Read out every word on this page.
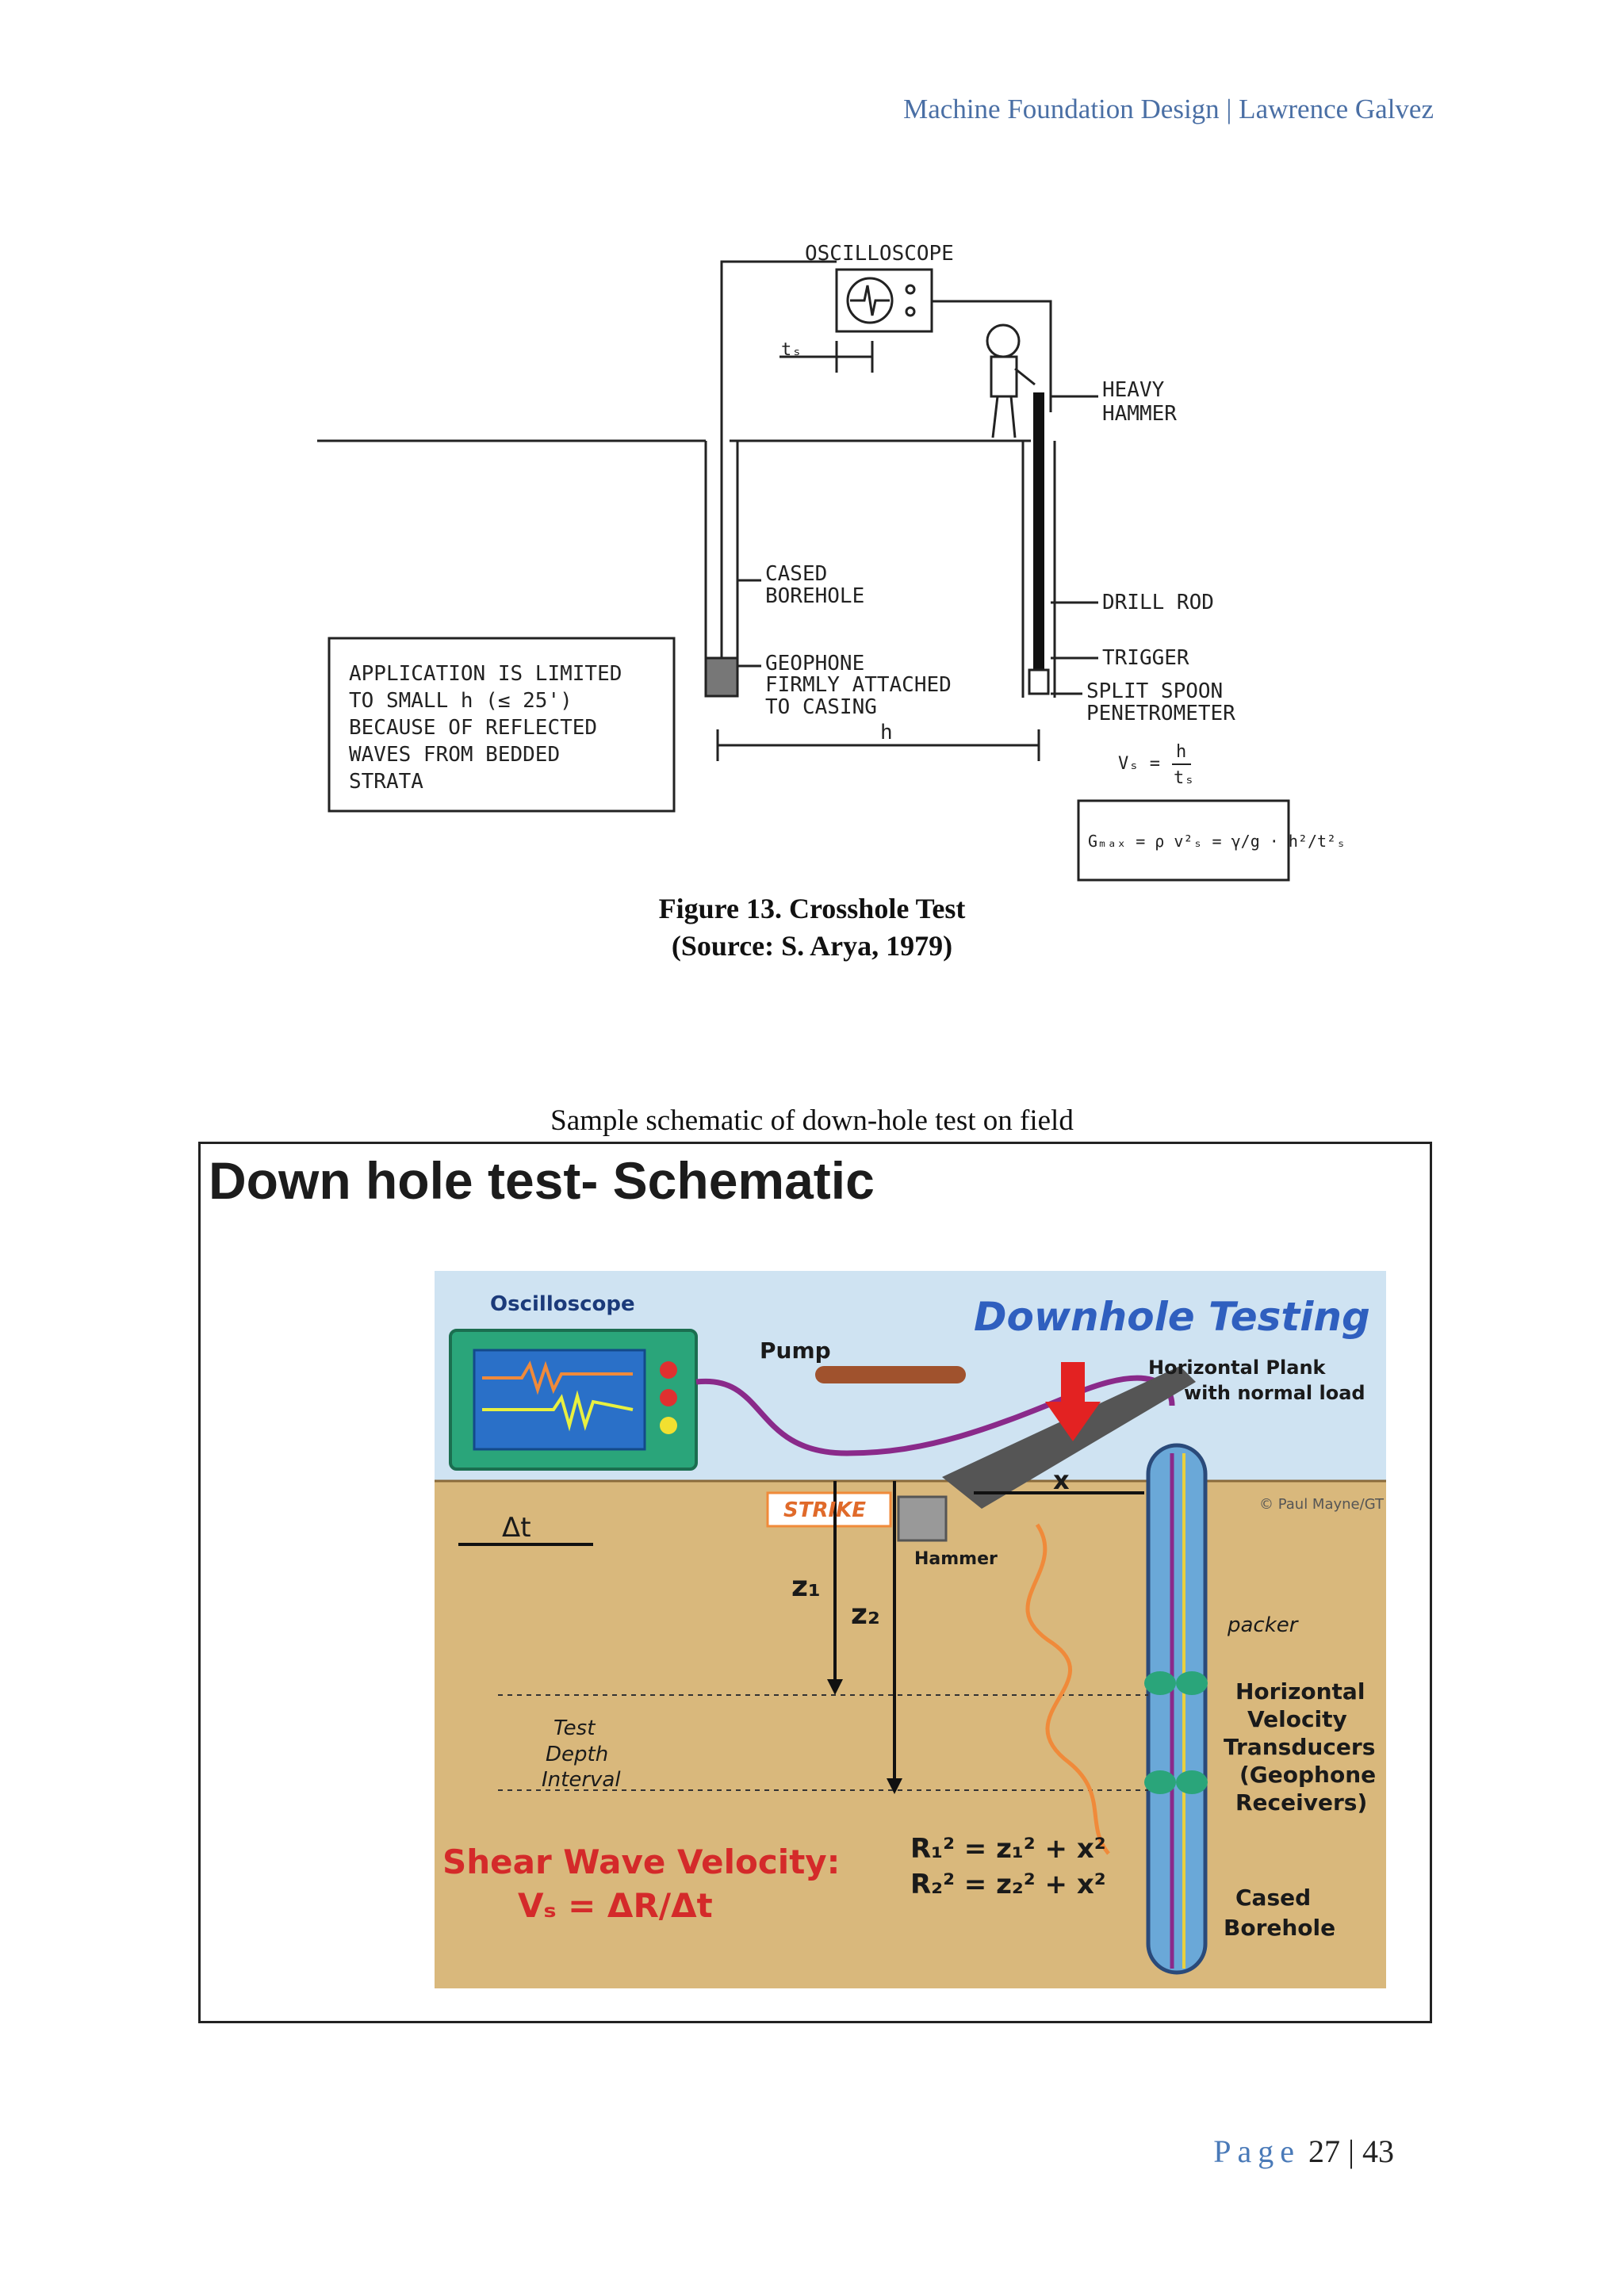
Machine Foundation Design | Lawrence Galvez
OSCILLOSCOPE
tₛ
HEAVY
HAMMER
CASED
BOREHOLE	DRILL ROD
TRIGGER
GEOPHONE
FIRMLY ATTACHED
TO CASING
SPLIT SPOON
PENETROMETER
h
Vₛ =
h
tₛ
Gₘₐₓ = ρ v²ₛ = γ/g · h²/t²ₛ
APPLICATION IS LIMITED
TO SMALL h (≤ 25')
BECAUSE OF REFLECTED
WAVES FROM BEDDED
STRATA
Figure 13. Crosshole Test
(Source: S. Arya, 1979)
Sample schematic of down-hole test on field
Down hole test- Schematic
Oscilloscope	Downhole Testing
Pump
Horizontal Plank
with normal load
© Paul Mayne/GT
Δt
STRIKE
Hammer
x
z₁
z₂	packer
Test
Depth
Interval
Horizontal
Velocity
Transducers
(Geophone
Receivers)
Cased
Borehole
R₁² = z₁² + x²
R₂² = z₂² + x²
Shear Wave Velocity:
Vₛ = ΔR/Δt
Page 27 | 43
